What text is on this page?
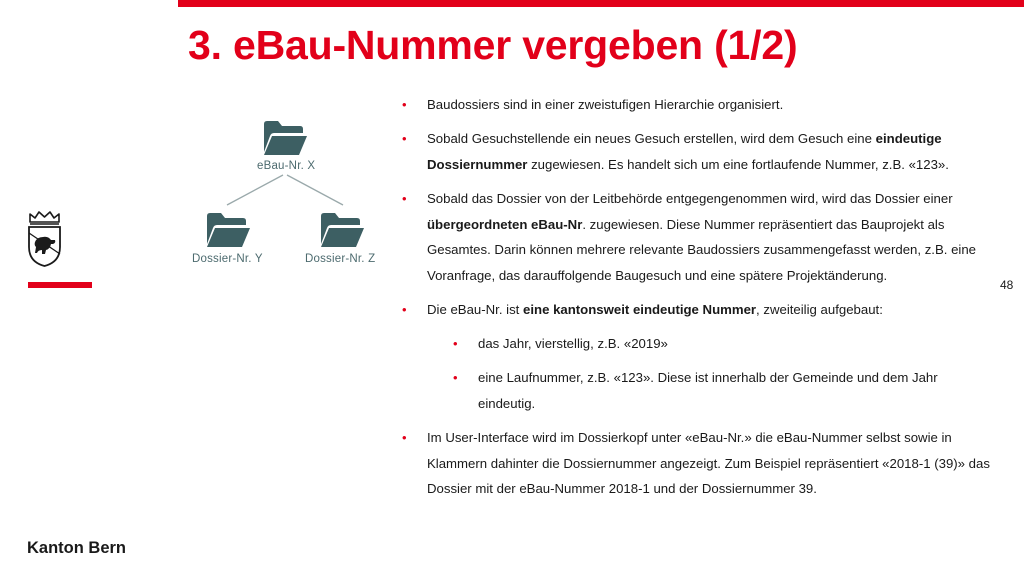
3. eBau-Nummer vergeben (1/2)
eBau-Nr. X
Dossier-Nr. Y	Dossier-Nr. Z
• Baudossiers sind in einer zweistufigen Hierarchie organisiert.
• Sobald Gesuchstellende ein neues Gesuch erstellen, wird dem Gesuch eine eindeutige Dossiernummer zugewiesen. Es handelt sich um eine fortlaufende Nummer, z.B. «123».
• Sobald das Dossier von der Leitbehörde entgegengenommen wird, wird das Dossier einer übergeordneten eBau-Nr. zugewiesen. Diese Nummer repräsentiert das Bauprojekt als Gesamtes. Darin können mehrere relevante Baudossiers zusammengefasst werden, z.B. eine Voranfrage, das darauffolgende Baugesuch und eine spätere Projektänderung.
• Die eBau-Nr. ist eine kantonsweit eindeutige Nummer, zweiteilig aufgebaut:
• das Jahr, vierstellig, z.B. «2019»
• eine Laufnummer, z.B. «123». Diese ist innerhalb der Gemeinde und dem Jahr eindeutig.
• Im User-Interface wird im Dossierkopf unter «eBau-Nr.» die eBau-Nummer selbst sowie in Klammern dahinter die Dossiernummer angezeigt. Zum Beispiel repräsentiert «2018-1 (39)» das Dossier mit der eBau-Nummer 2018-1 und der Dossiernummer 39.
48
Kanton Bern
